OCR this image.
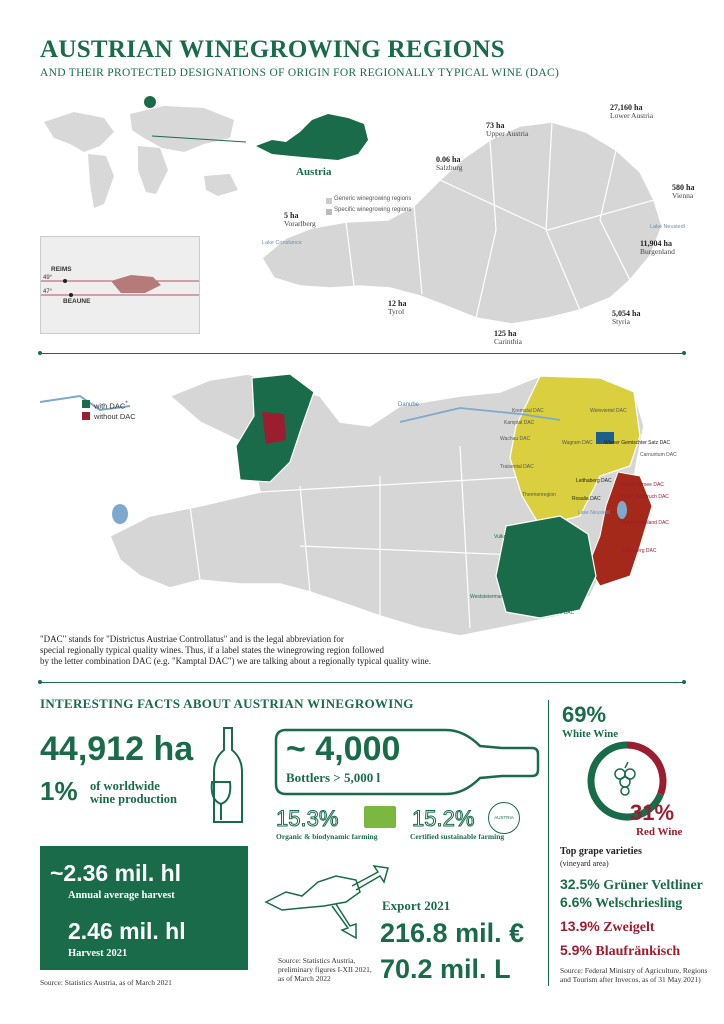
AUSTRIAN WINEGROWING REGIONS
AND THEIR PROTECTED DESIGNATIONS OF ORIGIN FOR REGIONALLY TYPICAL WINE (DAC)
Austria
REIMS
BEAUNE
49°
47°
Generic winegrowing regions
Specific winegrowing regions
27,160 ha
Lower Austria
73 ha
Upper Austria
0.06 ha
Salzburg
580 ha
Vienna
11,904 ha
Burgenland
5 ha
Vorarlberg
12 ha
Tyrol	5,054 ha
Styria
125 ha
Carinthia
Lake Constance
Lake Neusiedl
with DAC*
without DAC
Danube
Kremstal DAC
Kamptal DAC
Weinviertel DAC
Wachau DAC
Wagram DAC
Traisental DAC
Wiener Gemischter Satz DAC
Carnuntum DAC
Thermenregion
Leithaberg DAC
Rosalia DAC
Neusiedlersee DAC
Ruster Ausbruch DAC
Mittelburgenland DAC
Vulkanland Steiermark DAC
Eisenberg DAC
Weststeiermark DAC
Südsteiermark DAC
Lake Neusiedl
"DAC" stands for "Districtus Austriae Controllatus" and is the legal abbreviation for
special regionally typical quality wines. Thus, if a label states the winegrowing region followed
by the letter combination DAC (e.g. "Kamptal DAC") we are talking about a regionally typical quality wine.
INTERESTING FACTS ABOUT AUSTRIAN WINEGROWING
44,912 ha
1% of worldwide
wine production
~ 4,000
Bottlers > 5,000 l
15.3%
Organic & biodynamic farming
15.2%	AUSTRIA
Certified sustainable farming
~2.36 mil. hl
Annual average harvest
2.46 mil. hl
Harvest 2021
Source: Statistics Austria, as of March 2021
Export 2021
216.8 mil. €
70.2 mil. L
Source: Statistics Austria,
preliminary figures I-XII 2021,
as of March 2022
69%
White Wine
31%
Red Wine
Top grape varieties
(vineyard area)
32.5% Grüner Veltliner
6.6% Welschriesling
13.9% Zweigelt
5.9% Blaufränkisch
Source: Federal Ministry of Agriculture, Regions
and Tourism after Invecos, as of 31 May 2021)
